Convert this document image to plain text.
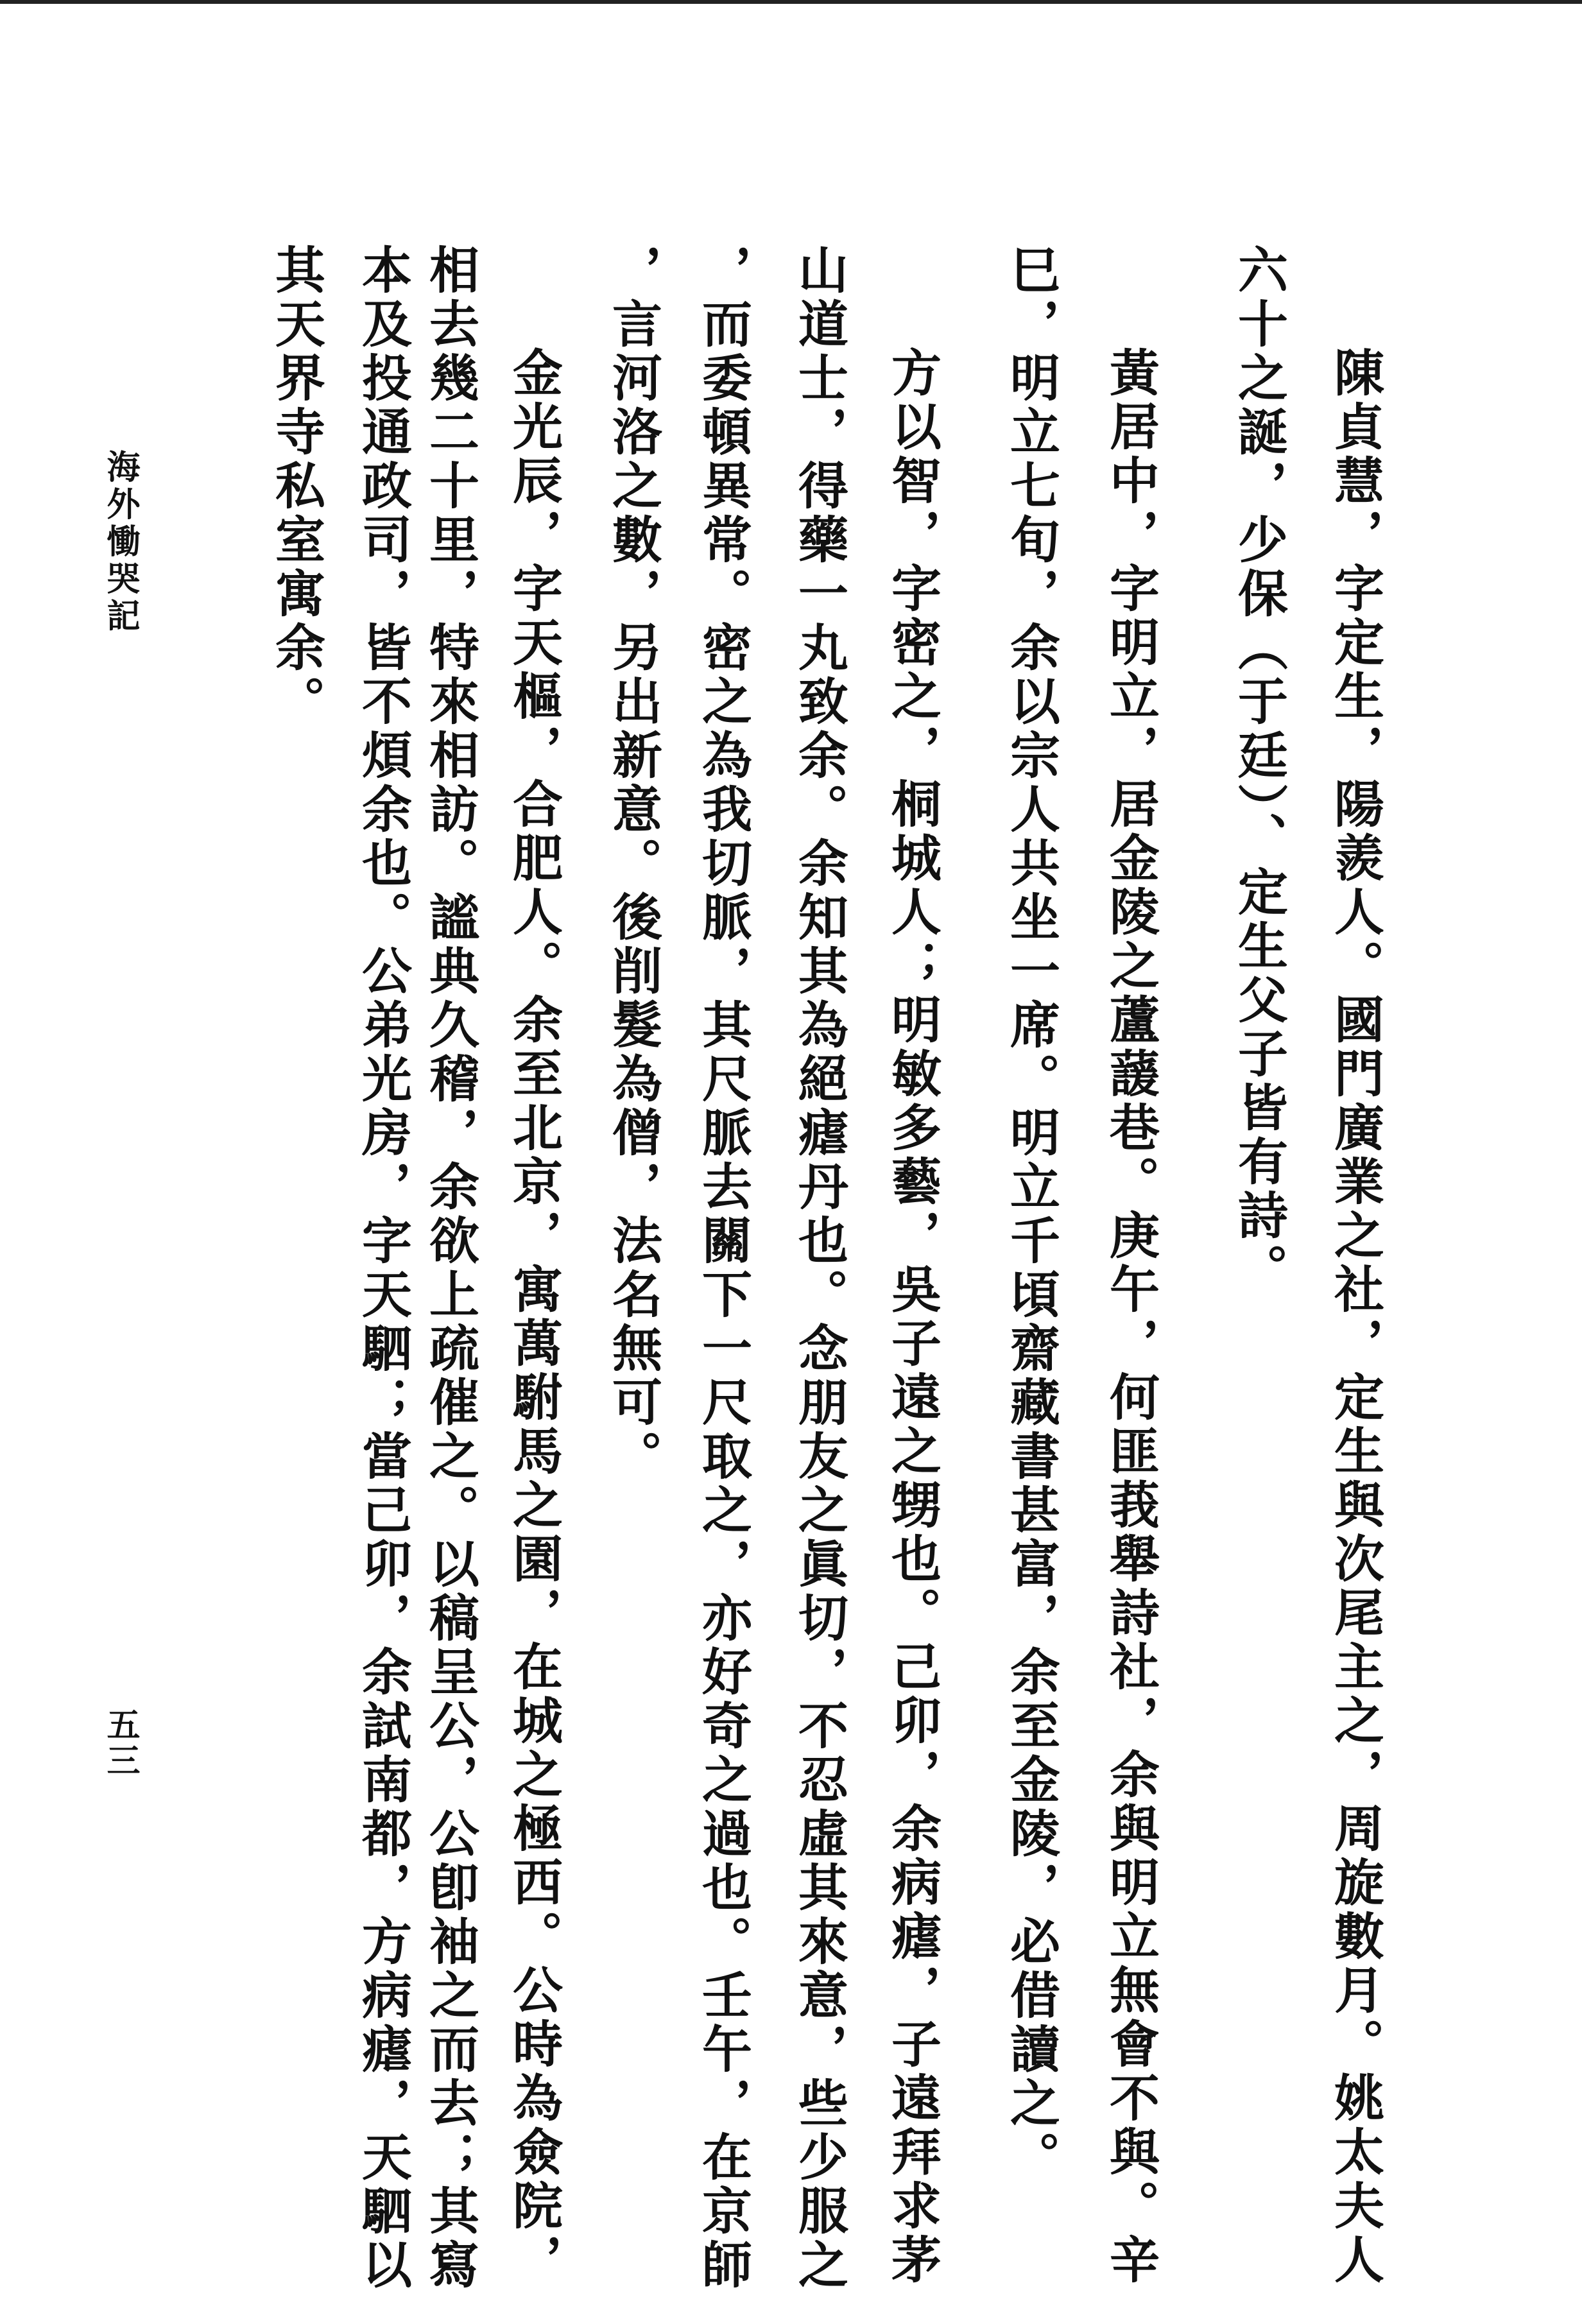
陳貞慧，字定生，陽羨人。國門廣業之社，定生與次尾主之，周旋數月。姚太夫人
六十之誕，少保（于廷）、定生父子皆有詩。
黃居中，字明立，居金陵之蘆蘐巷。庚午，何匪莪舉詩社，余與明立無會不與。辛
巳，明立七旬，余以宗人共坐一席。明立千頃齋藏書甚富，余至金陵，必借讀之。
方以智，字密之，桐城人；明敏多藝，吳子遠之甥也。己卯，余病瘧，子遠拜求茅
山道士，得藥一丸致余。余知其為絕瘧丹也。念朋友之眞切，不忍虛其來意，些少服之
，而委頓異常。密之為我切脈，其尺脈去關下一尺取之，亦好奇之過也。壬午，在京師
，言河洛之數，另出新意。後削髮為僧，法名無可。
金光辰，字天樞，合肥人。余至北京，寓萬駙馬之園，在城之極西。公時為僉院，
相去幾二十里，特來相訪。謐典久稽，余欲上疏催之。以稿呈公，公卽袖之而去；其寫
本及投通政司，皆不煩余也。公弟光房，字天駟；當己卯，余試南都，方病瘧，天駟以
其天界寺私室寓余。
海外慟哭記
五三
